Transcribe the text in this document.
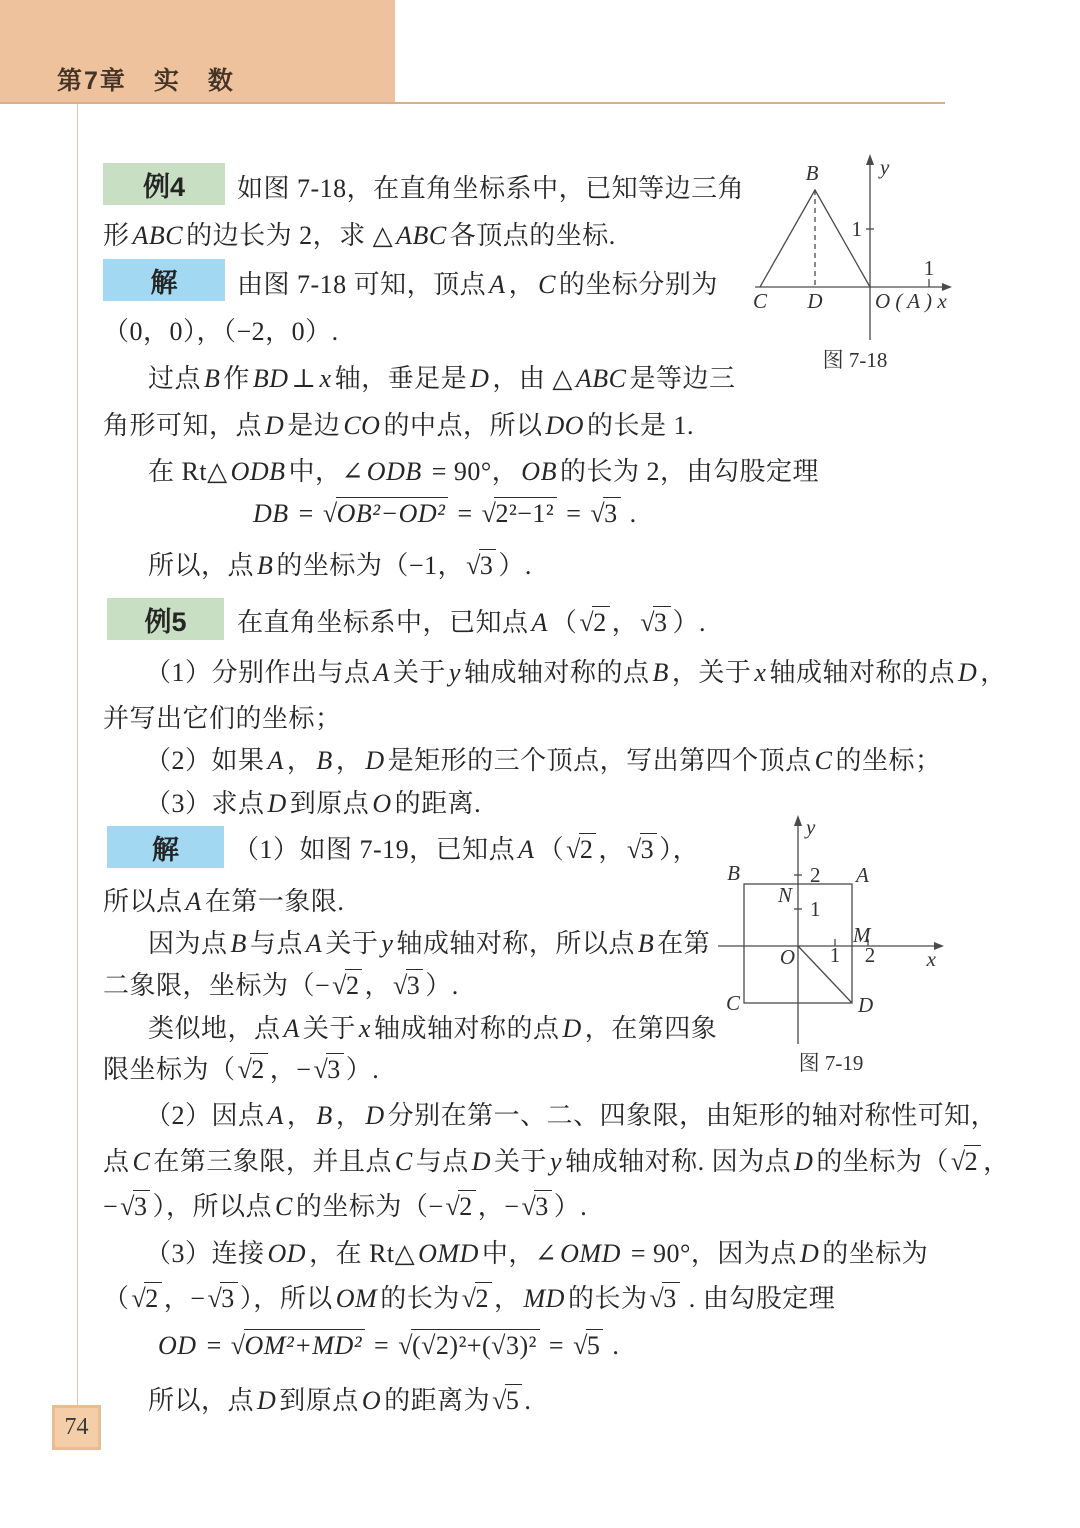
第7章　实　数
例4	如图 7-18，在直角坐标系中，已知等边三角
形 ABC 的边长为 2，求 △ ABC 各顶点的坐标.
解	由图 7-18 可知，顶点 A ， C 的坐标分别为
（0，0），（−2，0）.
过点 B 作 BD ⊥ x 轴，垂足是 D ，由 △ ABC 是等边三
角形可知，点 D 是边 CO 的中点，所以 DO 的长是 1.
在 Rt△ ODB 中，∠ ODB = 90°， OB 的长为 2，由勾股定理
DB = √OB²−OD² = √2²−1² = √3 .
所以，点 B 的坐标为（−1，√3 ）.
1
1
B
C D O ( A ) x
y
图 7-18
例5	在直角坐标系中，已知点 A （√2 ，√3 ）.
（1）分别作出与点 A 关于 y 轴成轴对称的点 B ，关于 x 轴成轴对称的点 D ，
并写出它们的坐标；
（2）如果 A ， B ， D 是矩形的三个顶点，写出第四个顶点 C 的坐标；
（3）求点 D 到原点 O 的距离.
解	（1）如图 7-19，已知点 A （√2 ，√3 ），
所以点 A 在第一象限.
因为点 B 与点 A 关于 y 轴成轴对称，所以点 B 在第
二象限，坐标为（−√2 ，√3 ）.
类似地，点 A 关于 x 轴成轴对称的点 D ，在第四象
限坐标为（√2 ，−√3 ）.
（2）因点 A ， B ， D 分别在第一、二、四象限，由矩形的轴对称性可知，
点 C 在第三象限，并且点 C 与点 D 关于 y 轴成轴对称. 因为点 D 的坐标为（√2 ，
−√3 ），所以点 C 的坐标为（−√2 ，−√3 ）.
（3）连接 OD ，在 Rt△ OMD 中，∠ OMD = 90°，因为点 D 的坐标为
（√2 ，−√3 ），所以 OM 的长为√2 ， MD 的长为√3 . 由勾股定理
OD = √OM²+MD² = √(√2)²+(√3)² = √5 .
所以，点 D 到原点 O 的距离为√5 .
2
1
1 2
B	A
C	D
N
M
O	x
y
图 7-19
74
